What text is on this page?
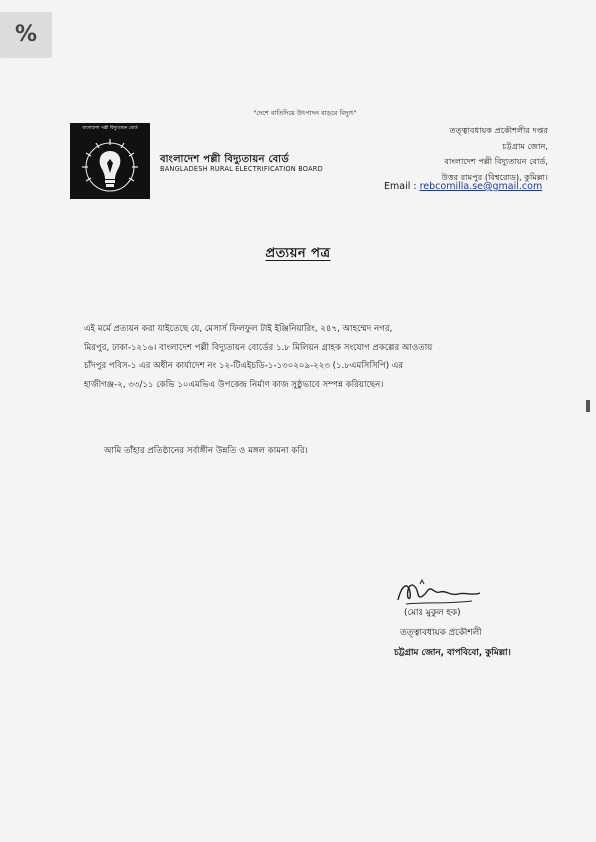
%
"দেশে বাতিদিয়ে উৎপাদন বাড়বে বিদ্যুৎ"
বাংলাদেশ পল্লী বিদ্যুতায়ন বোর্ড
বাংলাদেশ পল্লী বিদ্যুতায়ন বোর্ড
BANGLADESH RURAL ELECTRIFICATION BOARD
তত্ত্বাবধায়ক প্রকৌশলীর দপ্তর
চট্টগ্রাম জোন,
বাংলাদেশ পল্লী বিদ্যুতায়ন বোর্ড,
উত্তর রামপুর (বিশ্বরোড), কুমিল্লা।
Email : rebcomilla.se@gmail.com
প্রত্যয়ন পত্র
এই মর্মে প্রত্যয়ন করা যাইতেছে যে, মেসার্স ফিলফুল টাই ইঞ্জিনিয়ারিং, ২৪৭, আহম্মেদ নগর,
মিরপুর, ঢাকা-১২১৬। বাংলাদেশ পল্লী বিদ্যুতায়ন বোর্ডের ১.৮ মিলিয়ন গ্রাহক সংযোগ প্রকল্পের আওতায়
চাঁদপুর পবিস-১ এর অধীন কার্যাদেশ নং ১২-টিএইচডি-১-১৩০২০৯-২২৩ (১.৮এমসিসিপি) এর
হাজীগঞ্জ-২, ৩৩/১১ কেভি ১০এমভিএ উপকেন্দ্র নির্মাণ কাজ সুষ্ঠুভাবে সম্পন্ন করিয়াছেন।
আমি তাঁহার প্রতিষ্ঠানের সর্বাঙ্গীন উন্নতি ও মঙ্গল কামনা করি।
(মোঃ মুকুল হক)
তত্ত্বাবধায়ক প্রকৌশলী
চট্টগ্রাম জোন, বাপবিবো, কুমিল্লা।
